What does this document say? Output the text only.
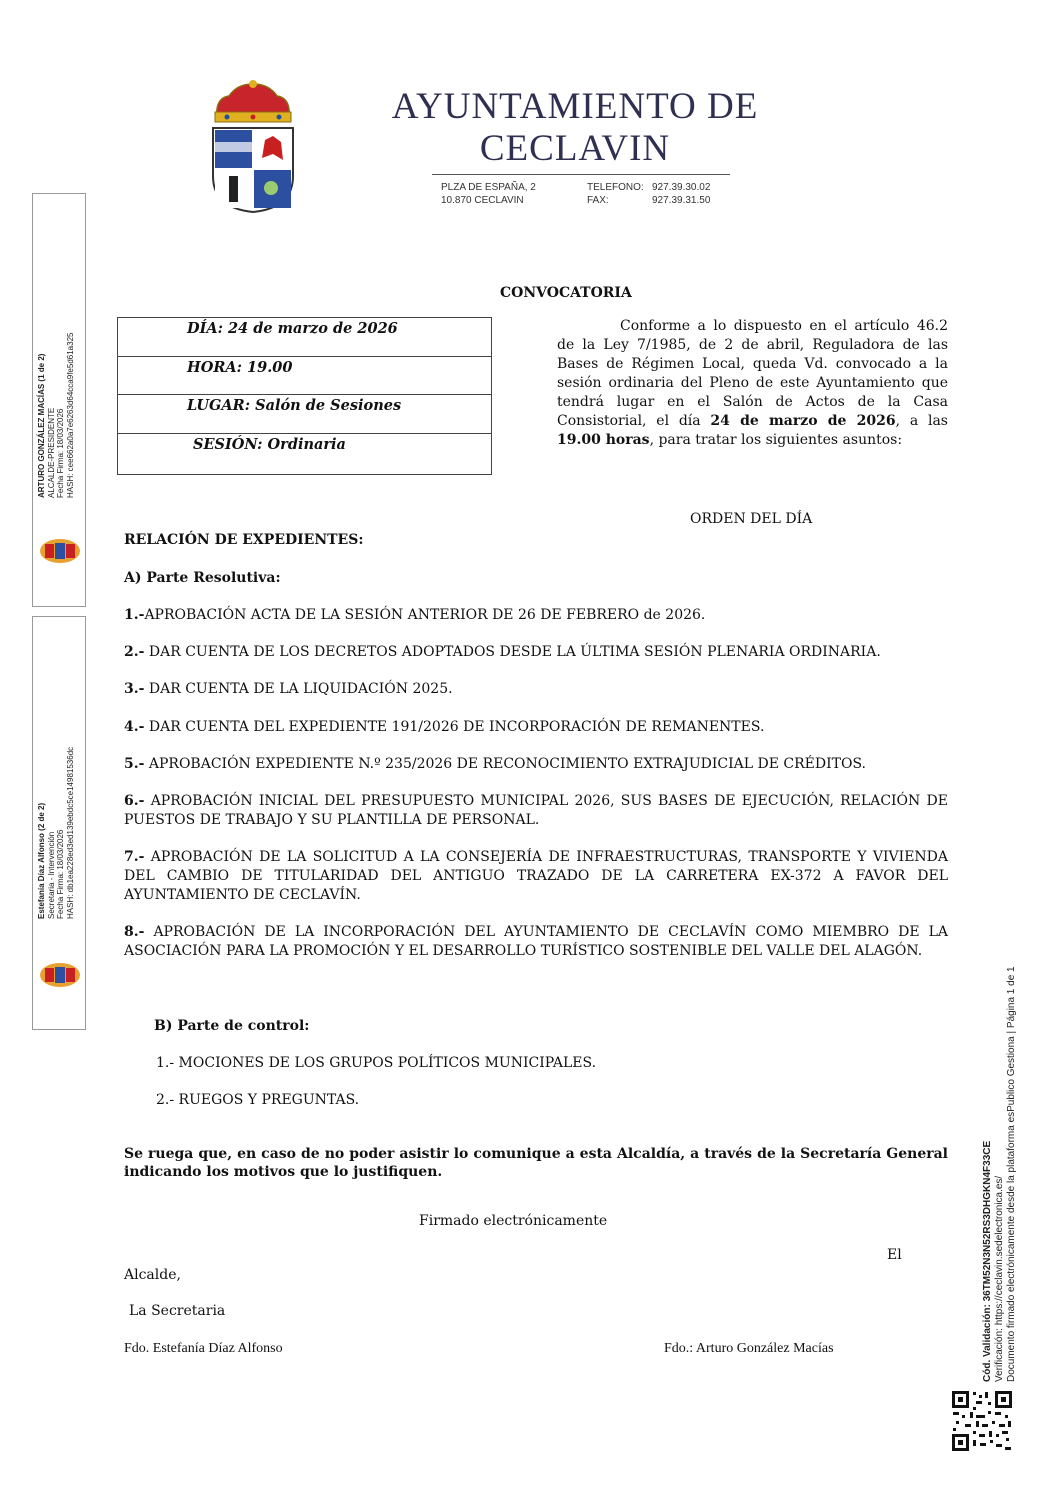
AYUNTAMIENTO DE
CECLAVIN
PLZA DE ESPAÑA, 2
10.870 CECLAVIN
TELEFONO: 927.39.30.02
FAX:	927.39.31.50
ARTURO GONZÁLEZ MACÍAS (1 de 2) ALCALDE-PRESIDENTE Fecha Firma: 18/03/2026 HASH: cee662a0a7e6263d64cca9fe5d61a325
Estefanía Díaz Alfonso (2 de 2) Secretaria - Intervención Fecha Firma: 18/03/2026 HASH: db1ea228ed3ed139ebdc5ce14981536dc
Cód. Validación: 36TM52N3N52RS3DHGKN4F33CE Verificación: https://ceclavin.sedelectronica.es/ Documento firmado electrónicamente desde la plataforma esPublico Gestiona | Página 1 de 1
CONVOCATORIA
DÍA: 24 de marzo de 2026
HORA: 19.00
LUGAR: Salón de Sesiones
SESIÓN: Ordinaria
Conforme a lo dispuesto en el artículo 46.2 de la Ley 7/1985, de 2 de abril, Reguladora de las Bases de Régimen Local, queda Vd. convocado a la sesión ordinaria del Pleno de este Ayuntamiento que tendrá lugar en el Salón de Actos de la Casa Consistorial, el día 24 de marzo de 2026, a las 19.00 horas, para tratar los siguientes asuntos:
ORDEN DEL DÍA
RELACIÓN DE EXPEDIENTES:
A) Parte Resolutiva:
1.-APROBACIÓN ACTA DE LA SESIÓN ANTERIOR DE 26 DE FEBRERO de 2026.
2.- DAR CUENTA DE LOS DECRETOS ADOPTADOS DESDE LA ÚLTIMA SESIÓN PLENARIA ORDINARIA.
3.- DAR CUENTA DE LA LIQUIDACIÓN 2025.
4.- DAR CUENTA DEL EXPEDIENTE 191/2026 DE INCORPORACIÓN DE REMANENTES.
5.- APROBACIÓN EXPEDIENTE N.º 235/2026 DE RECONOCIMIENTO EXTRAJUDICIAL DE CRÉDITOS.
6.- APROBACIÓN INICIAL DEL PRESUPUESTO MUNICIPAL 2026, SUS BASES DE EJECUCIÓN, RELACIÓN DE PUESTOS DE TRABAJO Y SU PLANTILLA DE PERSONAL.
7.- APROBACIÓN DE LA SOLICITUD A LA CONSEJERÍA DE INFRAESTRUCTURAS, TRANSPORTE Y VIVIENDA DEL CAMBIO DE TITULARIDAD DEL ANTIGUO TRAZADO DE LA CARRETERA EX-372 A FAVOR DEL AYUNTAMIENTO DE CECLAVÍN.
8.- APROBACIÓN DE LA INCORPORACIÓN DEL AYUNTAMIENTO DE CECLAVÍN COMO MIEMBRO DE LA ASOCIACIÓN PARA LA PROMOCIÓN Y EL DESARROLLO TURÍSTICO SOSTENIBLE DEL VALLE DEL ALAGÓN.
B) Parte de control:
1.- MOCIONES DE LOS GRUPOS POLÍTICOS MUNICIPALES.
2.- RUEGOS Y PREGUNTAS.
Se ruega que, en caso de no poder asistir lo comunique a esta Alcaldía, a través de la Secretaría General indicando los motivos que lo justifiquen.
Firmado electrónicamente
El
Alcalde,
La Secretaria
Fdo. Estefanía Díaz Alfonso	Fdo.: Arturo González Macías
